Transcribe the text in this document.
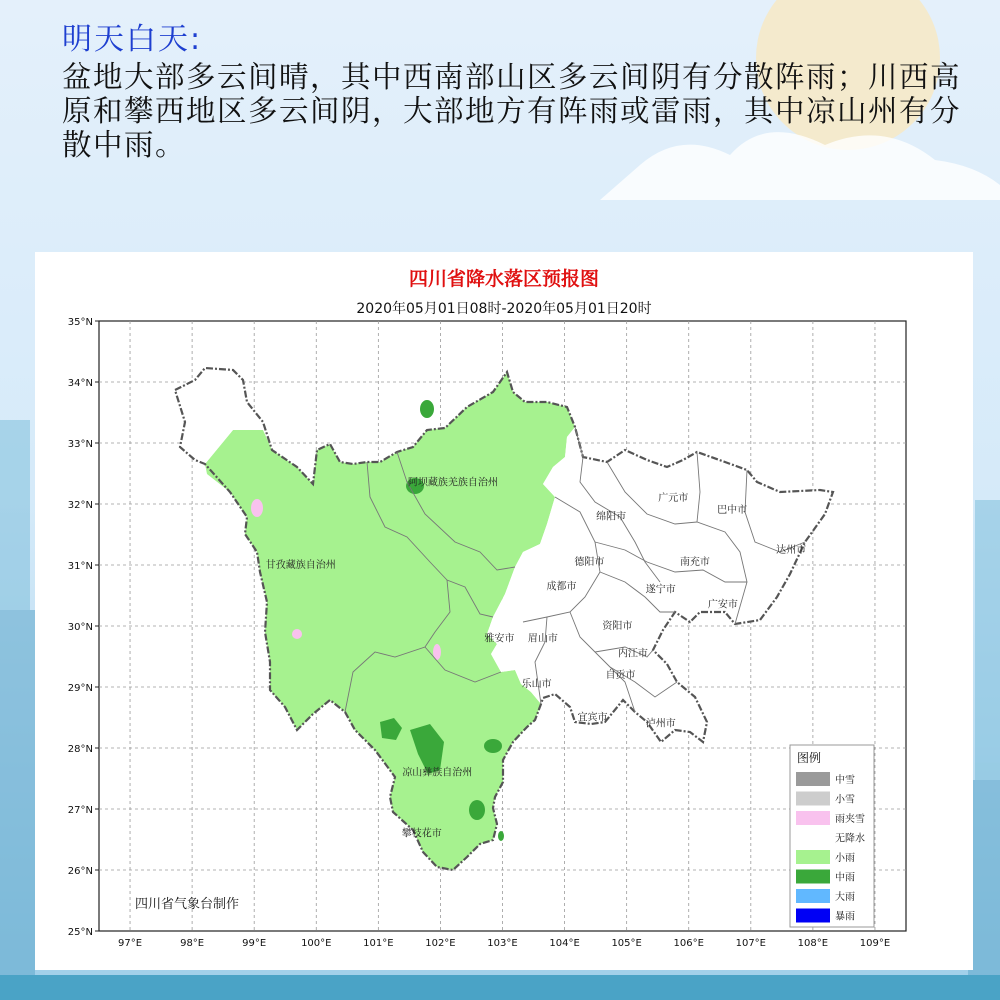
明天白天:
盆地大部多云间晴，其中西南部山区多云间阴有分散阵雨；川西高原和攀西地区多云间阴，大部地方有阵雨或雷雨，其中凉山州有分散中雨。
四川省降水落区预报图
2020年05月01日08时-2020年05月01日20时
97°E	98°E	99°E	100°E	101°E	102°E	103°E	104°E	105°E	106°E	107°E	108°E	109°E
35°N
34°N
33°N
32°N
31°N
30°N
29°N
28°N
27°N
26°N
25°N
阿坝藏族羌族自治州
甘孜藏族自治州
凉山彝族自治州
攀枝花市
雅安市
广元市
巴中市
绵阳市
达州市
德阳市	南充市
成都市	遂宁市
广安市
眉山市
资阳市
内江市
乐山市
自贡市
宜宾市
泸州市
四川省气象台制作
图例
中雪
小雪
雨夹雪
无降水
小雨
中雨
大雨
暴雨
